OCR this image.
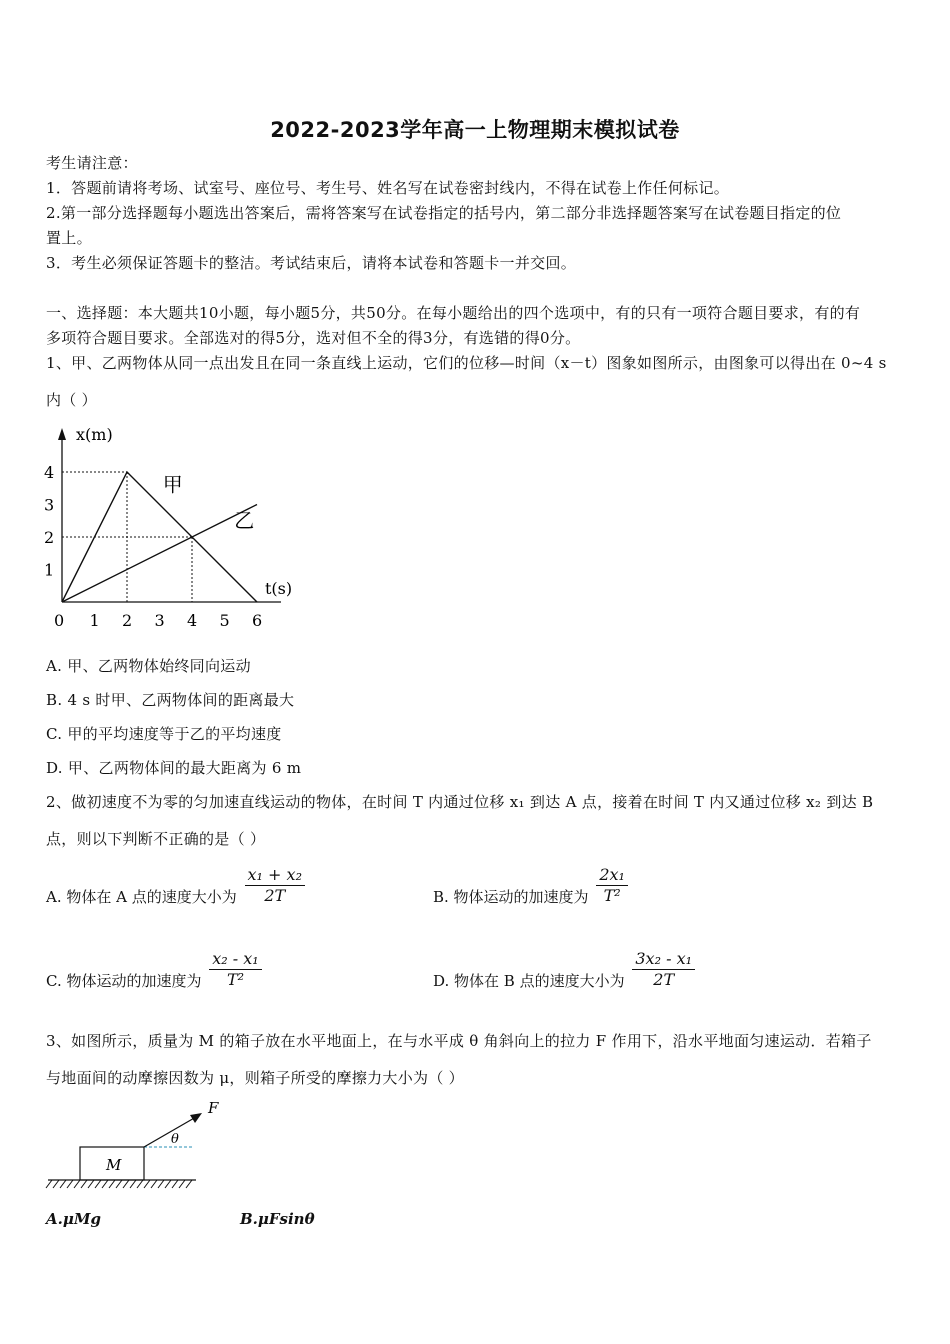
2022-2023学年高一上物理期末模拟试卷
考生请注意：
1．答题前请将考场、试室号、座位号、考生号、姓名写在试卷密封线内，不得在试卷上作任何标记。
2.第一部分选择题每小题选出答案后，需将答案写在试卷指定的括号内，第二部分非选择题答案写在试卷题目指定的位
置上。
3．考生必须保证答题卡的整洁。考试结束后，请将本试卷和答题卡一并交回。
一、选择题：本大题共10小题，每小题5分，共50分。在每小题给出的四个选项中，有的只有一项符合题目要求，有的有
多项符合题目要求。全部选对的得5分，选对但不全的得3分，有选错的得0分。
1、甲、乙两物体从同一点出发且在同一条直线上运动，它们的位移—时间（x－t）图象如图所示，由图象可以得出在 0~4 s
内（ ）
x(m)
t(s)
0 1 2 3 4 5 6
1
2
3
4	甲
乙
A. 甲、乙两物体始终同向运动
B. 4 s 时甲、乙两物体间的距离最大
C. 甲的平均速度等于乙的平均速度
D. 甲、乙两物体间的最大距离为 6 m
2、做初速度不为零的匀加速直线运动的物体，在时间 T 内通过位移 x₁ 到达 A 点，接着在时间 T 内又通过位移 x₂ 到达 B
点，则以下判断不正确的是（ ）
A. 物体在 A 点的速度大小为 $\frac{\text{x₁ + x₂}}{2T}$	B. 物体运动的加速度为 $\frac{\text{2x₁}}{\text{T²}}$
C. 物体运动的加速度为 $\frac{\text{x₂ - x₁}}{\text{T²}}$	D. 物体在 B 点的速度大小为 $\frac{\text{3x₂ - x₁}}{2T}$
3、如图所示，质量为 M 的箱子放在水平地面上，在与水平成 θ 角斜向上的拉力 F 作用下，沿水平地面匀速运动．若箱子
与地面间的动摩擦因数为 μ，则箱子所受的摩擦力大小为（ ）
M
F
θ
A.μMg	B.μFsinθ
